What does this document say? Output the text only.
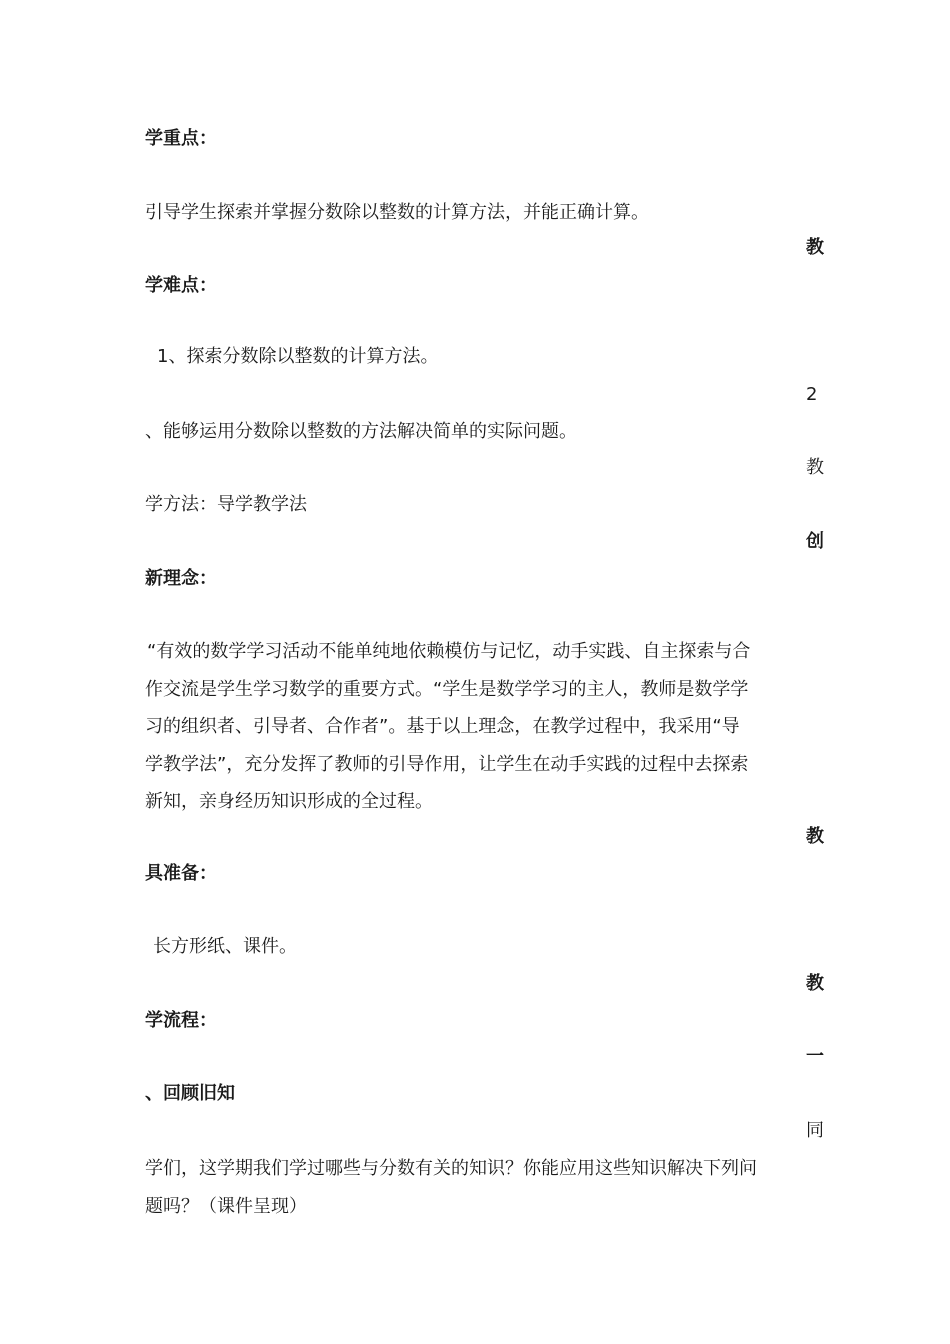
学重点：

引导学生探索并掌握分数除以整数的计算方法，并能正确计算。

教

学难点：

1、探索分数除以整数的计算方法。

2

、能够运用分数除以整数的方法解决简单的实际问题。

教

学方法：导学教学法

创

新理念：

“有效的数学学习活动不能单纯地依赖模仿与记忆，动手实践、自主探索与合
作交流是学生学习数学的重要方式。“学生是数学学习的主人，教师是数学学
习的组织者、引导者、合作者”。基于以上理念，在教学过程中，我采用“导
学教学法”，充分发挥了教师的引导作用，让学生在动手实践的过程中去探索
新知，亲身经历知识形成的全过程。

教

具准备：

长方形纸、课件。

教

学流程：

一

、回顾旧知

同

学们，这学期我们学过哪些与分数有关的知识？你能应用这些知识解决下列问
题吗？（课件呈现）
